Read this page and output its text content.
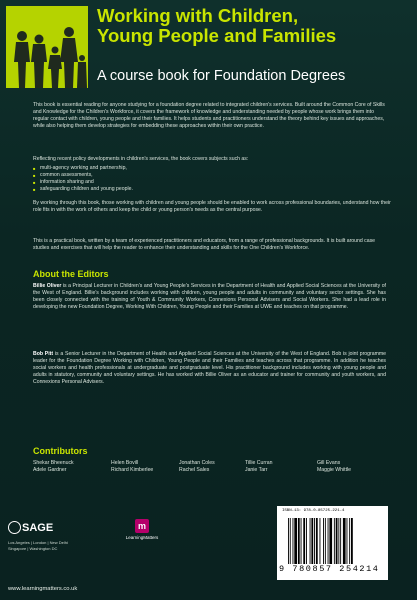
Working with Children,
Young People and Families

A course book for Foundation Degrees

This book is essential reading for anyone studying for a foundation degree related to integrated children's services. Built around the Common Core of Skills and Knowledge for the Children's Workforce, it covers the framework of knowledge and understanding needed by people whose work brings them into regular contact with children, young people and their families. It helps students and practitioners understand the theory behind key issues and approaches, while also helping them develop strategies for embedding these approaches within their own practice.

Reflecting recent policy developments in children's services, the book covers subjects such as:

■ multi-agency working and partnership,
■ common assessments,
■ information sharing and
■ safeguarding children and young people.

By working through this book, those working with children and young people should be enabled to work across professional boundaries, understand how their role fits in with the work of others and keep the child or young person's needs as the central purpose.

This is a practical book, written by a team of experienced practitioners and educators, from a range of professional backgrounds. It is built around case studies and exercises that will help the reader to enhance their understanding and skills for the One Children's Workforce.

About the Editors

Billie Oliver is a Principal Lecturer in Children's and Young People's Services in the Department of Health and Applied Social Sciences at the University of the West of England. Billie's background includes working with children, young people and adults in community and voluntary sector settings. She has been closely connected with the training of Youth & Community Workers, Connexions Personal Advisers and Social Workers. She had a lead role in developing the new Foundation Degree, Working With Children, Young People and their Families at UWE and teaches on that programme.

Bob Pitt is a Senior Lecturer in the Department of Health and Applied Social Sciences at the University of the West of England. Bob is joint programme leader for the Foundation Degree Working with Children, Young People and their Families and teaches across that programme. In addition he teaches social workers and health professionals at undergraduate and postgraduate level. His practitioner background includes working with young people and adults in statutory, community and voluntary settings. He has worked with Billie Oliver as an educator and trainer for community and youth workers, and Connexions Personal Advisers.

Contributors
Shekar Bheenuck
Adele Gardner
Helen Bovill
Richard Kimberlee
Jonathan Coles
Rachel Sales
Tillie Curran
Janie Tarr
Gill Evans
Maggie Whittle
SAGE
Los Angeles | London | New Delhi
Singapore | Washington DC
m
LearningMatters
ISBN-13: 978-0-85725-221-4
9 780857 254214
www.learningmatters.co.uk
